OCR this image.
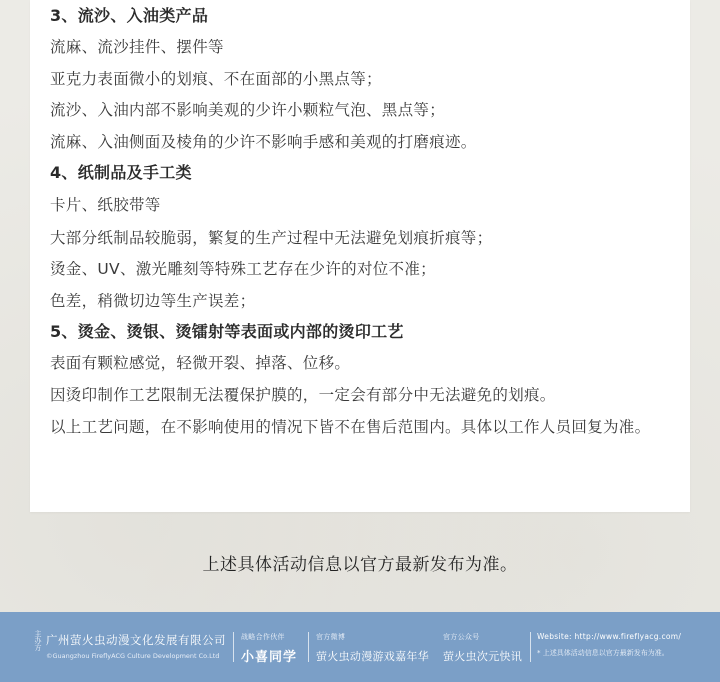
3、流沙、入油类产品
流麻、流沙挂件、摆件等
亚克力表面微小的划痕、不在面部的小黑点等；
流沙、入油内部不影响美观的少许小颗粒气泡、黑点等；
流麻、入油侧面及棱角的少许不影响手感和美观的打磨痕迹。
4、纸制品及手工类
卡片、纸胶带等
大部分纸制品较脆弱，繁复的生产过程中无法避免划痕折痕等；
烫金、UV、激光雕刻等特殊工艺存在少许的对位不准；
色差，稍微切边等生产误差；
5、烫金、烫银、烫镭射等表面或内部的烫印工艺
表面有颗粒感觉，轻微开裂、掉落、位移。
因烫印制作工艺限制无法覆保护膜的，一定会有部分中无法避免的划痕。
以上工艺问题，在不影响使用的情况下皆不在售后范围内。具体以工作人员回复为准。
上述具体活动信息以官方最新发布为准。
主办方 广州萤火虫动漫文化发展有限公司
©Guangzhou FireflyACG Culture Development Co.Ltd
战略合作伙伴
小喜同学
官方微博
萤火虫动漫游戏嘉年华
官方公众号
萤火虫次元快讯
Website: http://www.fireflyacg.com/
* 上述具体活动信息以官方最新发布为准。
